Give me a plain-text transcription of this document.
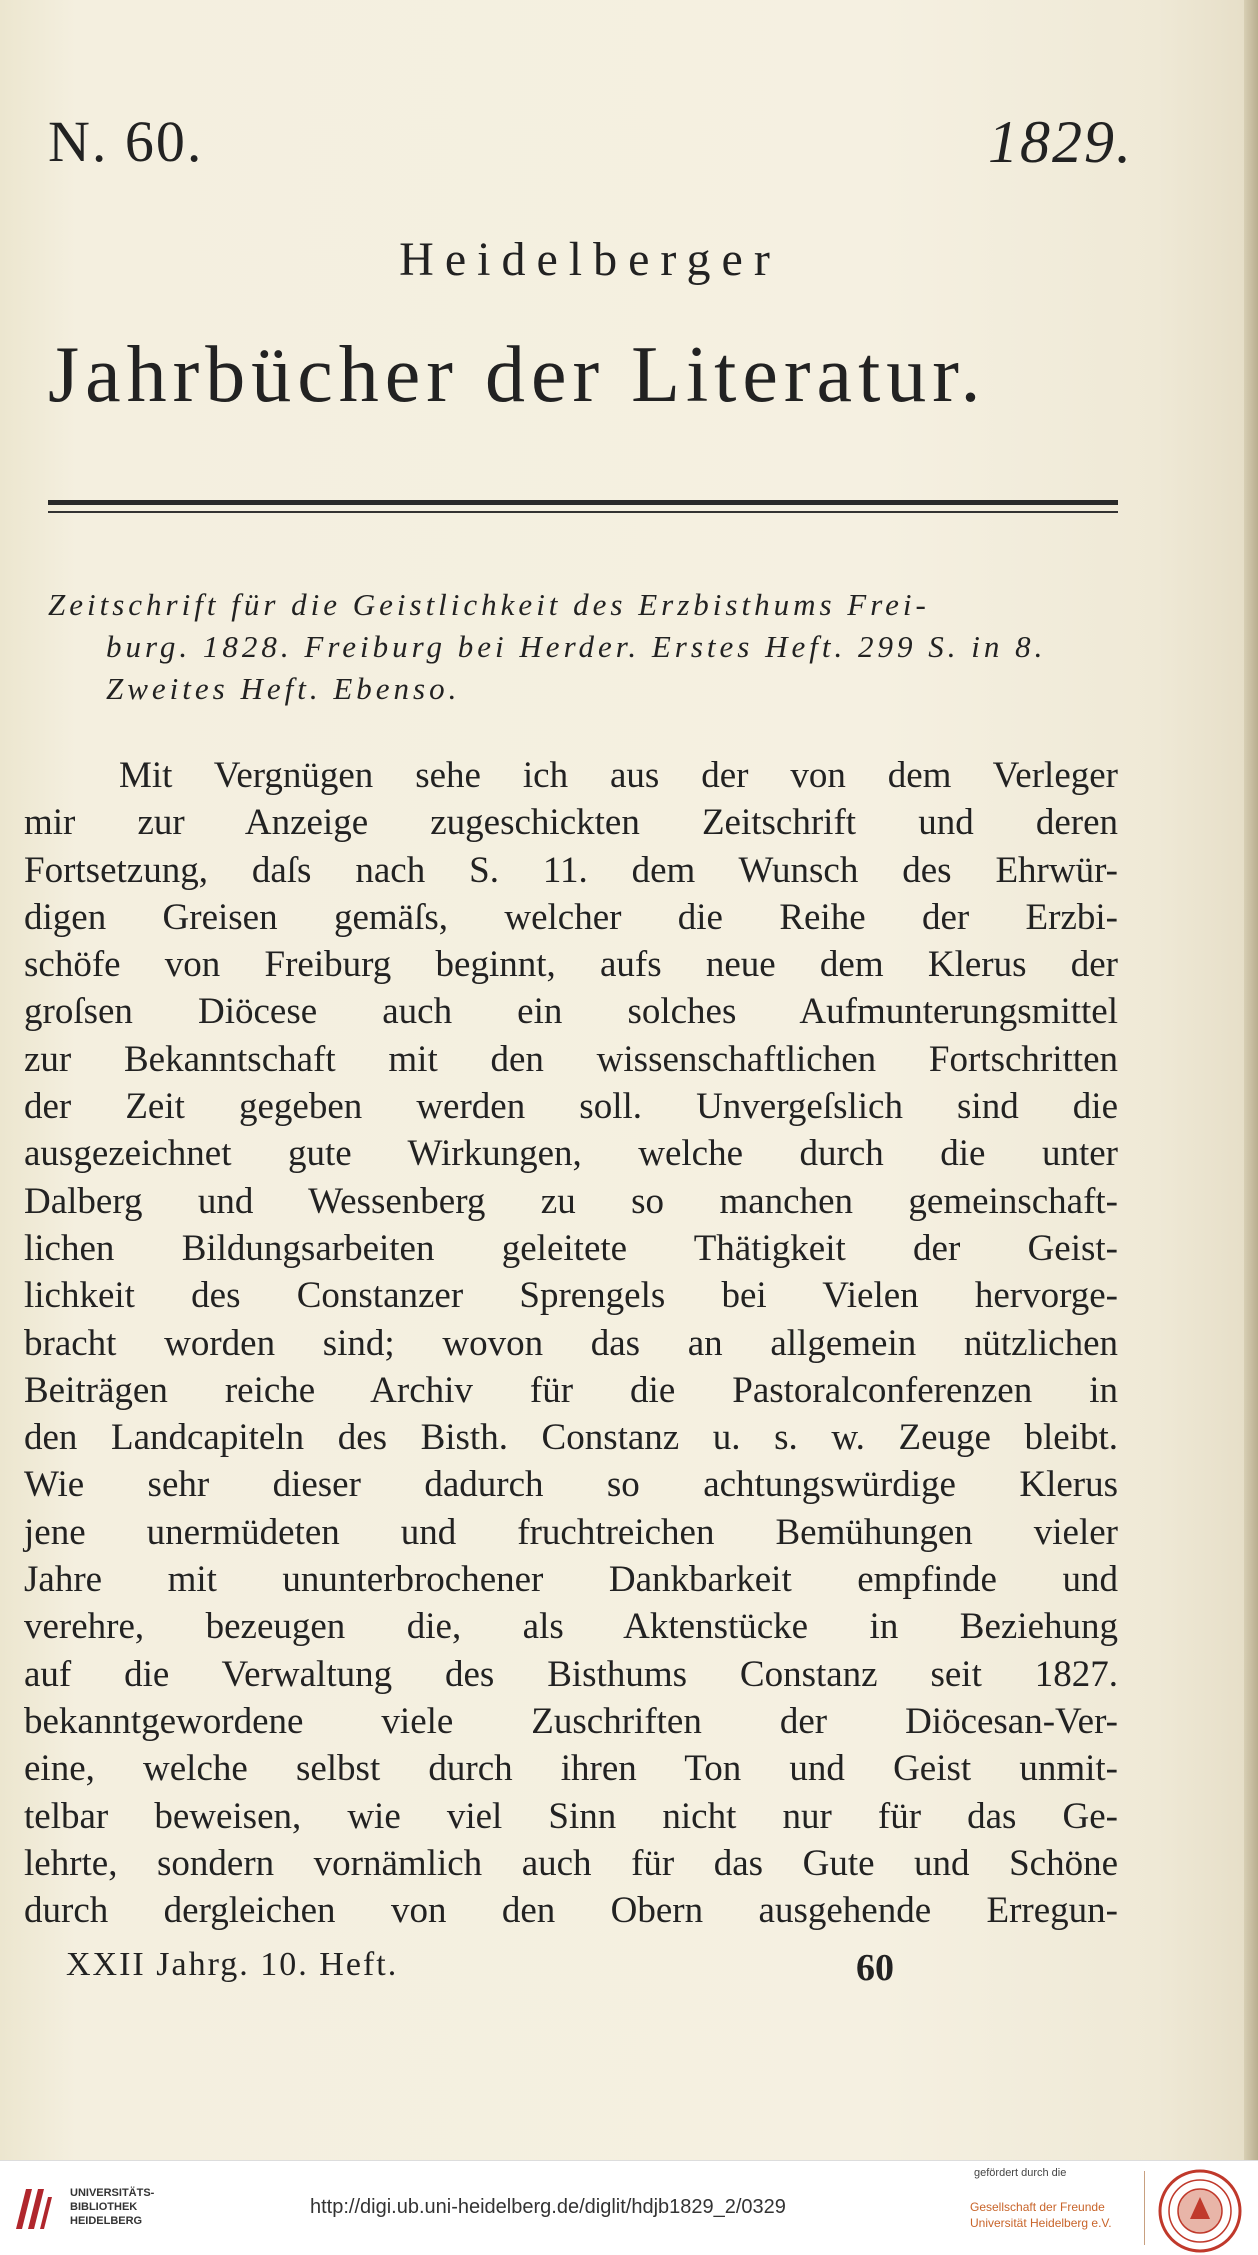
N. 60.	1829.
Heidelberger
Jahrbücher der Literatur.
Zeitschrift für die Geistlichkeit des Erzbisthums Frei-
burg. 1828. Freiburg bei Herder. Erstes Heft. 299 S. in 8.
Zweites Heft. Ebenso.
Mit Vergnügen sehe ich aus der von dem Verleger
mir zur Anzeige zugeschickten Zeitschrift und deren
Fortsetzung, daſs nach S. 11. dem Wunsch des Ehrwür-
digen Greisen gemäſs, welcher die Reihe der Erzbi-
schöfe von Freiburg beginnt, aufs neue dem Klerus der
groſsen Diöcese auch ein solches Aufmunterungsmittel
zur Bekanntschaft mit den wissenschaftlichen Fortschritten
der Zeit gegeben werden soll. Unvergeſslich sind die
ausgezeichnet gute Wirkungen, welche durch die unter
Dalberg und Wessenberg zu so manchen gemeinschaft-
lichen Bildungsarbeiten geleitete Thätigkeit der Geist-
lichkeit des Constanzer Sprengels bei Vielen hervorge-
bracht worden sind; wovon das an allgemein nützlichen
Beiträgen reiche Archiv für die Pastoralconferenzen in
den Landcapiteln des Bisth. Constanz u. s. w. Zeuge bleibt.
Wie sehr dieser dadurch so achtungswürdige Klerus
jene unermüdeten und fruchtreichen Bemühungen vieler
Jahre mit ununterbrochener Dankbarkeit empfinde und
verehre, bezeugen die, als Aktenstücke in Beziehung
auf die Verwaltung des Bisthums Constanz seit 1827.
bekanntgewordene viele Zuschriften der Diöcesan-Ver-
eine, welche selbst durch ihren Ton und Geist unmit-
telbar beweisen, wie viel Sinn nicht nur für das Ge-
lehrte, sondern vornämlich auch für das Gute und Schöne
durch dergleichen von den Obern ausgehende Erregun-
XXII Jahrg. 10. Heft.	60
UNIVERSITÄTS-
BIBLIOTHEK
HEIDELBERG
http://digi.ub.uni-heidelberg.de/diglit/hdjb1829_2/0329
gefördert durch die
Gesellschaft der Freunde
Universität Heidelberg e.V.
